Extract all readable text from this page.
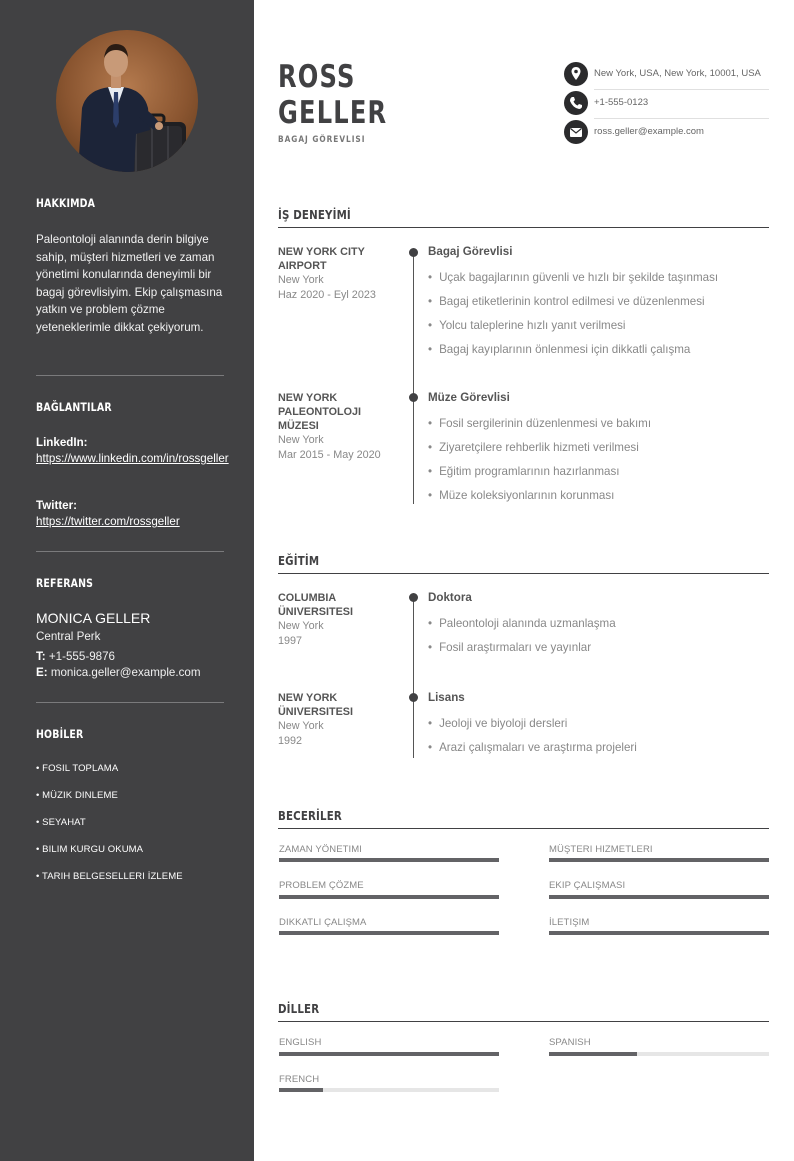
HAKKIMDA
Paleontoloji alanında derin bilgiye sahip, müşteri hizmetleri ve zaman yönetimi konularında deneyimli bir bagaj görevlisiyim. Ekip çalışmasına yatkın ve problem çözme yeteneklerimle dikkat çekiyorum.
BAĞLANTILAR
LinkedIn:
https://www.linkedin.com/in/rossgeller
Twitter:
https://twitter.com/rossgeller
REFERANS
MONICA GELLER
Central Perk
T: +1-555-9876
E: monica.geller@example.com
HOBİLER
• FOSIL TOPLAMA
• MÜZIK DINLEME
• SEYAHAT
• BILIM KURGU OKUMA
• TARIH BELGESELLERI İZLEME
ROSS
GELLER
BAGAJ GÖREVLISI
New York, USA, New York, 10001, USA
+1-555-0123
ross.geller@example.com
İŞ DENEYİMİ
NEW YORK CITY AIRPORT
New York
Haz 2020 - Eyl 2023
Bagaj Görevlisi
• Uçak bagajlarının güvenli ve hızlı bir şekilde taşınması
• Bagaj etiketlerinin kontrol edilmesi ve düzenlenmesi
• Yolcu taleplerine hızlı yanıt verilmesi
• Bagaj kayıplarının önlenmesi için dikkatli çalışma
NEW YORK PALEONTOLOJI MÜZESI
New York
Mar 2015 - May 2020
Müze Görevlisi
• Fosil sergilerinin düzenlenmesi ve bakımı
• Ziyaretçilere rehberlik hizmeti verilmesi
• Eğitim programlarının hazırlanması
• Müze koleksiyonlarının korunması
EĞİTİM
COLUMBIA ÜNIVERSITESI
New York
1997
Doktora
• Paleontoloji alanında uzmanlaşma
• Fosil araştırmaları ve yayınlar
NEW YORK ÜNIVERSITESI
New York
1992
Lisans
• Jeoloji ve biyoloji dersleri
• Arazi çalışmaları ve araştırma projeleri
BECERİLER
ZAMAN YÖNETIMI	MÜŞTERI HIZMETLERI
PROBLEM ÇÖZME	EKIP ÇALIŞMASI
DIKKATLI ÇALIŞMA	İLETIŞIM
DİLLER
ENGLISH	SPANISH
FRENCH
